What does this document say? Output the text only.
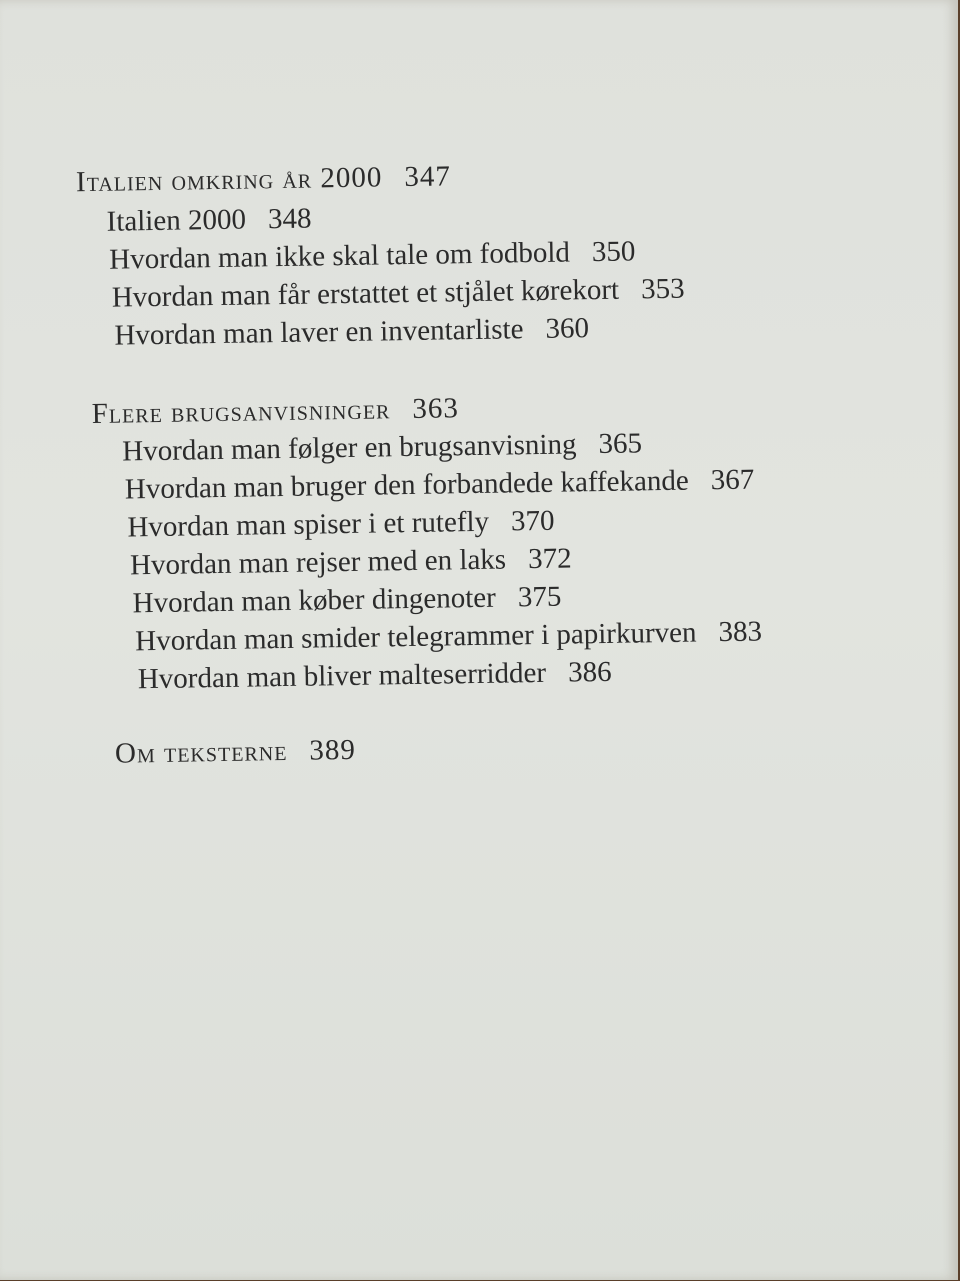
Italien omkring år 2000 347
Italien 2000 348
Hvordan man ikke skal tale om fodbold 350
Hvordan man får erstattet et stjålet kørekort 353
Hvordan man laver en inventarliste 360
Flere brugsanvisninger 363
Hvordan man følger en brugsanvisning 365
Hvordan man bruger den forbandede kaffekande 367
Hvordan man spiser i et rutefly 370
Hvordan man rejser med en laks 372
Hvordan man køber dingenoter 375
Hvordan man smider telegrammer i papirkurven 383
Hvordan man bliver malteserridder 386
Om teksterne 389
